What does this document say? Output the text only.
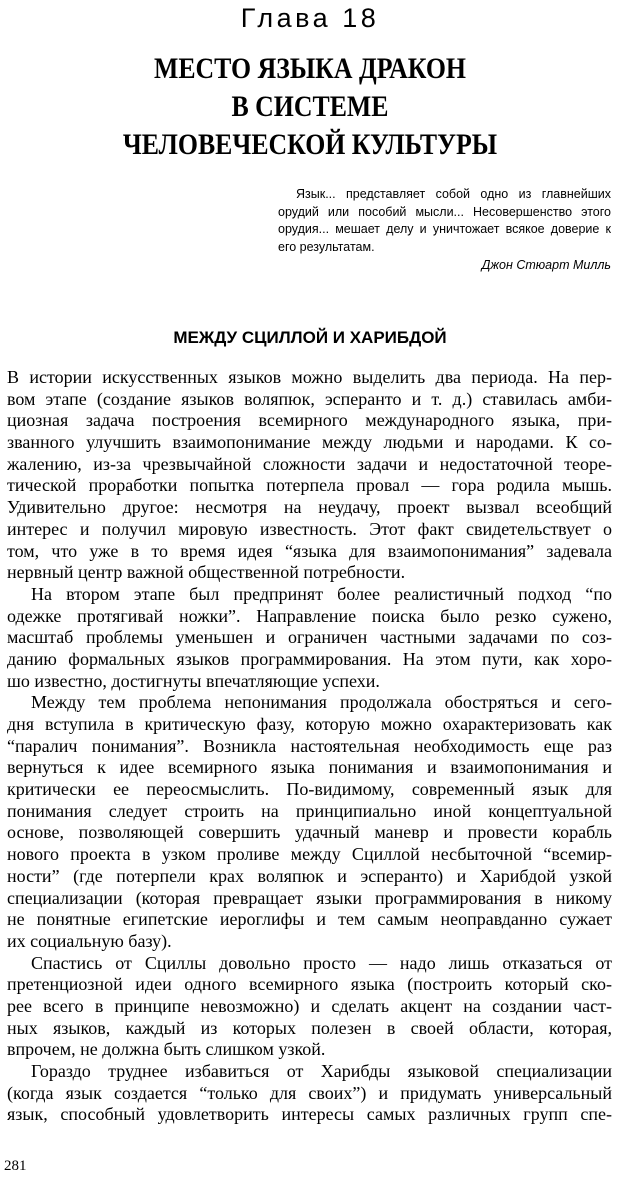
Глава 18
МЕСТО ЯЗЫКА ДРАКОН
В СИСТЕМЕ
ЧЕЛОВЕЧЕСКОЙ КУЛЬТУРЫ
Язык... представляет собой одно из главнейших орудий или пособий мысли... Несовершенство этого орудия... мешает делу и уничтожает всякое доверие к его результатам.
Джон Стюарт Милль
МЕЖДУ СЦИЛЛОЙ И ХАРИБДОЙ
В истории искусственных языков можно выделить два периода. На пер-
вом этапе (создание языков воляпюк, эсперанто и т. д.) ставилась амби-
циозная задача построения всемирного международного языка, при-
званного улучшить взаимопонимание между людьми и народами. К со-
жалению, из-за чрезвычайной сложности задачи и недостаточной теоре-
тической проработки попытка потерпела провал — гора родила мышь.
Удивительно другое: несмотря на неудачу, проект вызвал всеобщий
интерес и получил мировую известность. Этот факт свидетельствует о
том, что уже в то время идея “языка для взаимопонимания” задевала
нервный центр важной общественной потребности.
На втором этапе был предпринят более реалистичный подход “по
одежке протягивай ножки”. Направление поиска было резко сужено,
масштаб проблемы уменьшен и ограничен частными задачами по соз-
данию формальных языков программирования. На этом пути, как хоро-
шо известно, достигнуты впечатляющие успехи.
Между тем проблема непонимания продолжала обостряться и сего-
дня вступила в критическую фазу, которую можно охарактеризовать как
“паралич понимания”. Возникла настоятельная необходимость еще раз
вернуться к идее всемирного языка понимания и взаимопонимания и
критически ее переосмыслить. По-видимому, современный язык для
понимания следует строить на принципиально иной концептуальной
основе, позволяющей совершить удачный маневр и провести корабль
нового проекта в узком проливе между Сциллой несбыточной “всемир-
ности” (где потерпели крах воляпюк и эсперанто) и Харибдой узкой
специализации (которая превращает языки программирования в никому
не понятные египетские иероглифы и тем самым неоправданно сужает
их социальную базу).
Спастись от Сциллы довольно просто — надо лишь отказаться от
претенциозной идеи одного всемирного языка (построить который ско-
рее всего в принципе невозможно) и сделать акцент на создании част-
ных языков, каждый из которых полезен в своей области, которая,
впрочем, не должна быть слишком узкой.
Гораздо труднее избавиться от Харибды языковой специализации
(когда язык создается “только для своих”) и придумать универсальный
язык, способный удовлетворить интересы самых различных групп спе-
281
